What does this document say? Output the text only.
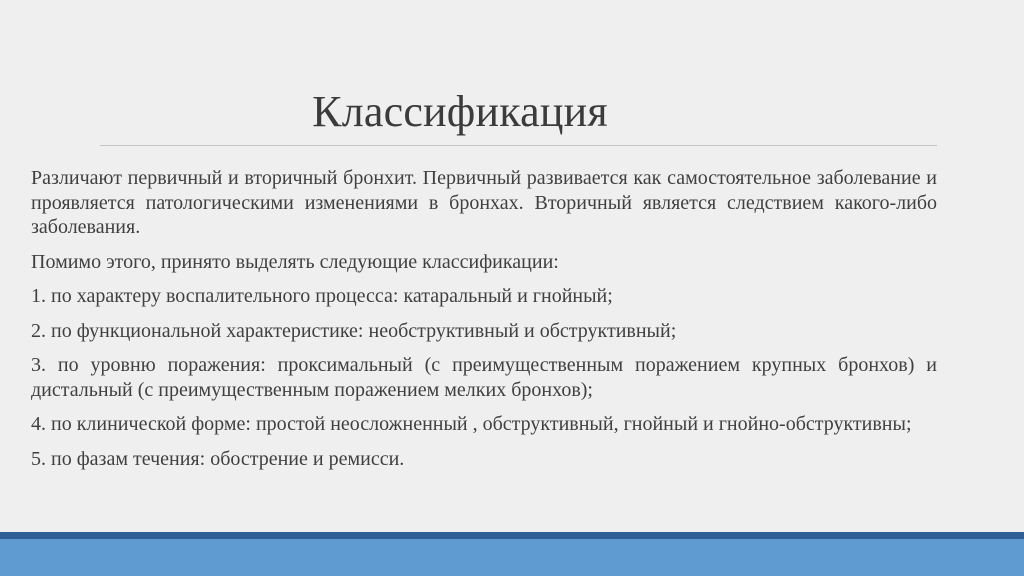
Классификация

Различают первичный и вторичный бронхит. Первичный развивается как самостоятельное заболевание и проявляется патологическими изменениями в бронхах. Вторичный является следствием какого-либо заболевания.

Помимо этого, принято выделять следующие классификации:

1. по характеру воспалительного процесса: катаральный и гнойный;

2. по функциональной характеристике: необструктивный и обструктивный;

3. по уровню поражения: проксимальный (с преимущественным поражением крупных бронхов) и дистальный (с преимущественным поражением мелких бронхов);

4. по клинической форме: простой неосложненный , обструктивный, гнойный и гнойно-обструктивны;

5. по фазам течения: обострение и ремисси.
